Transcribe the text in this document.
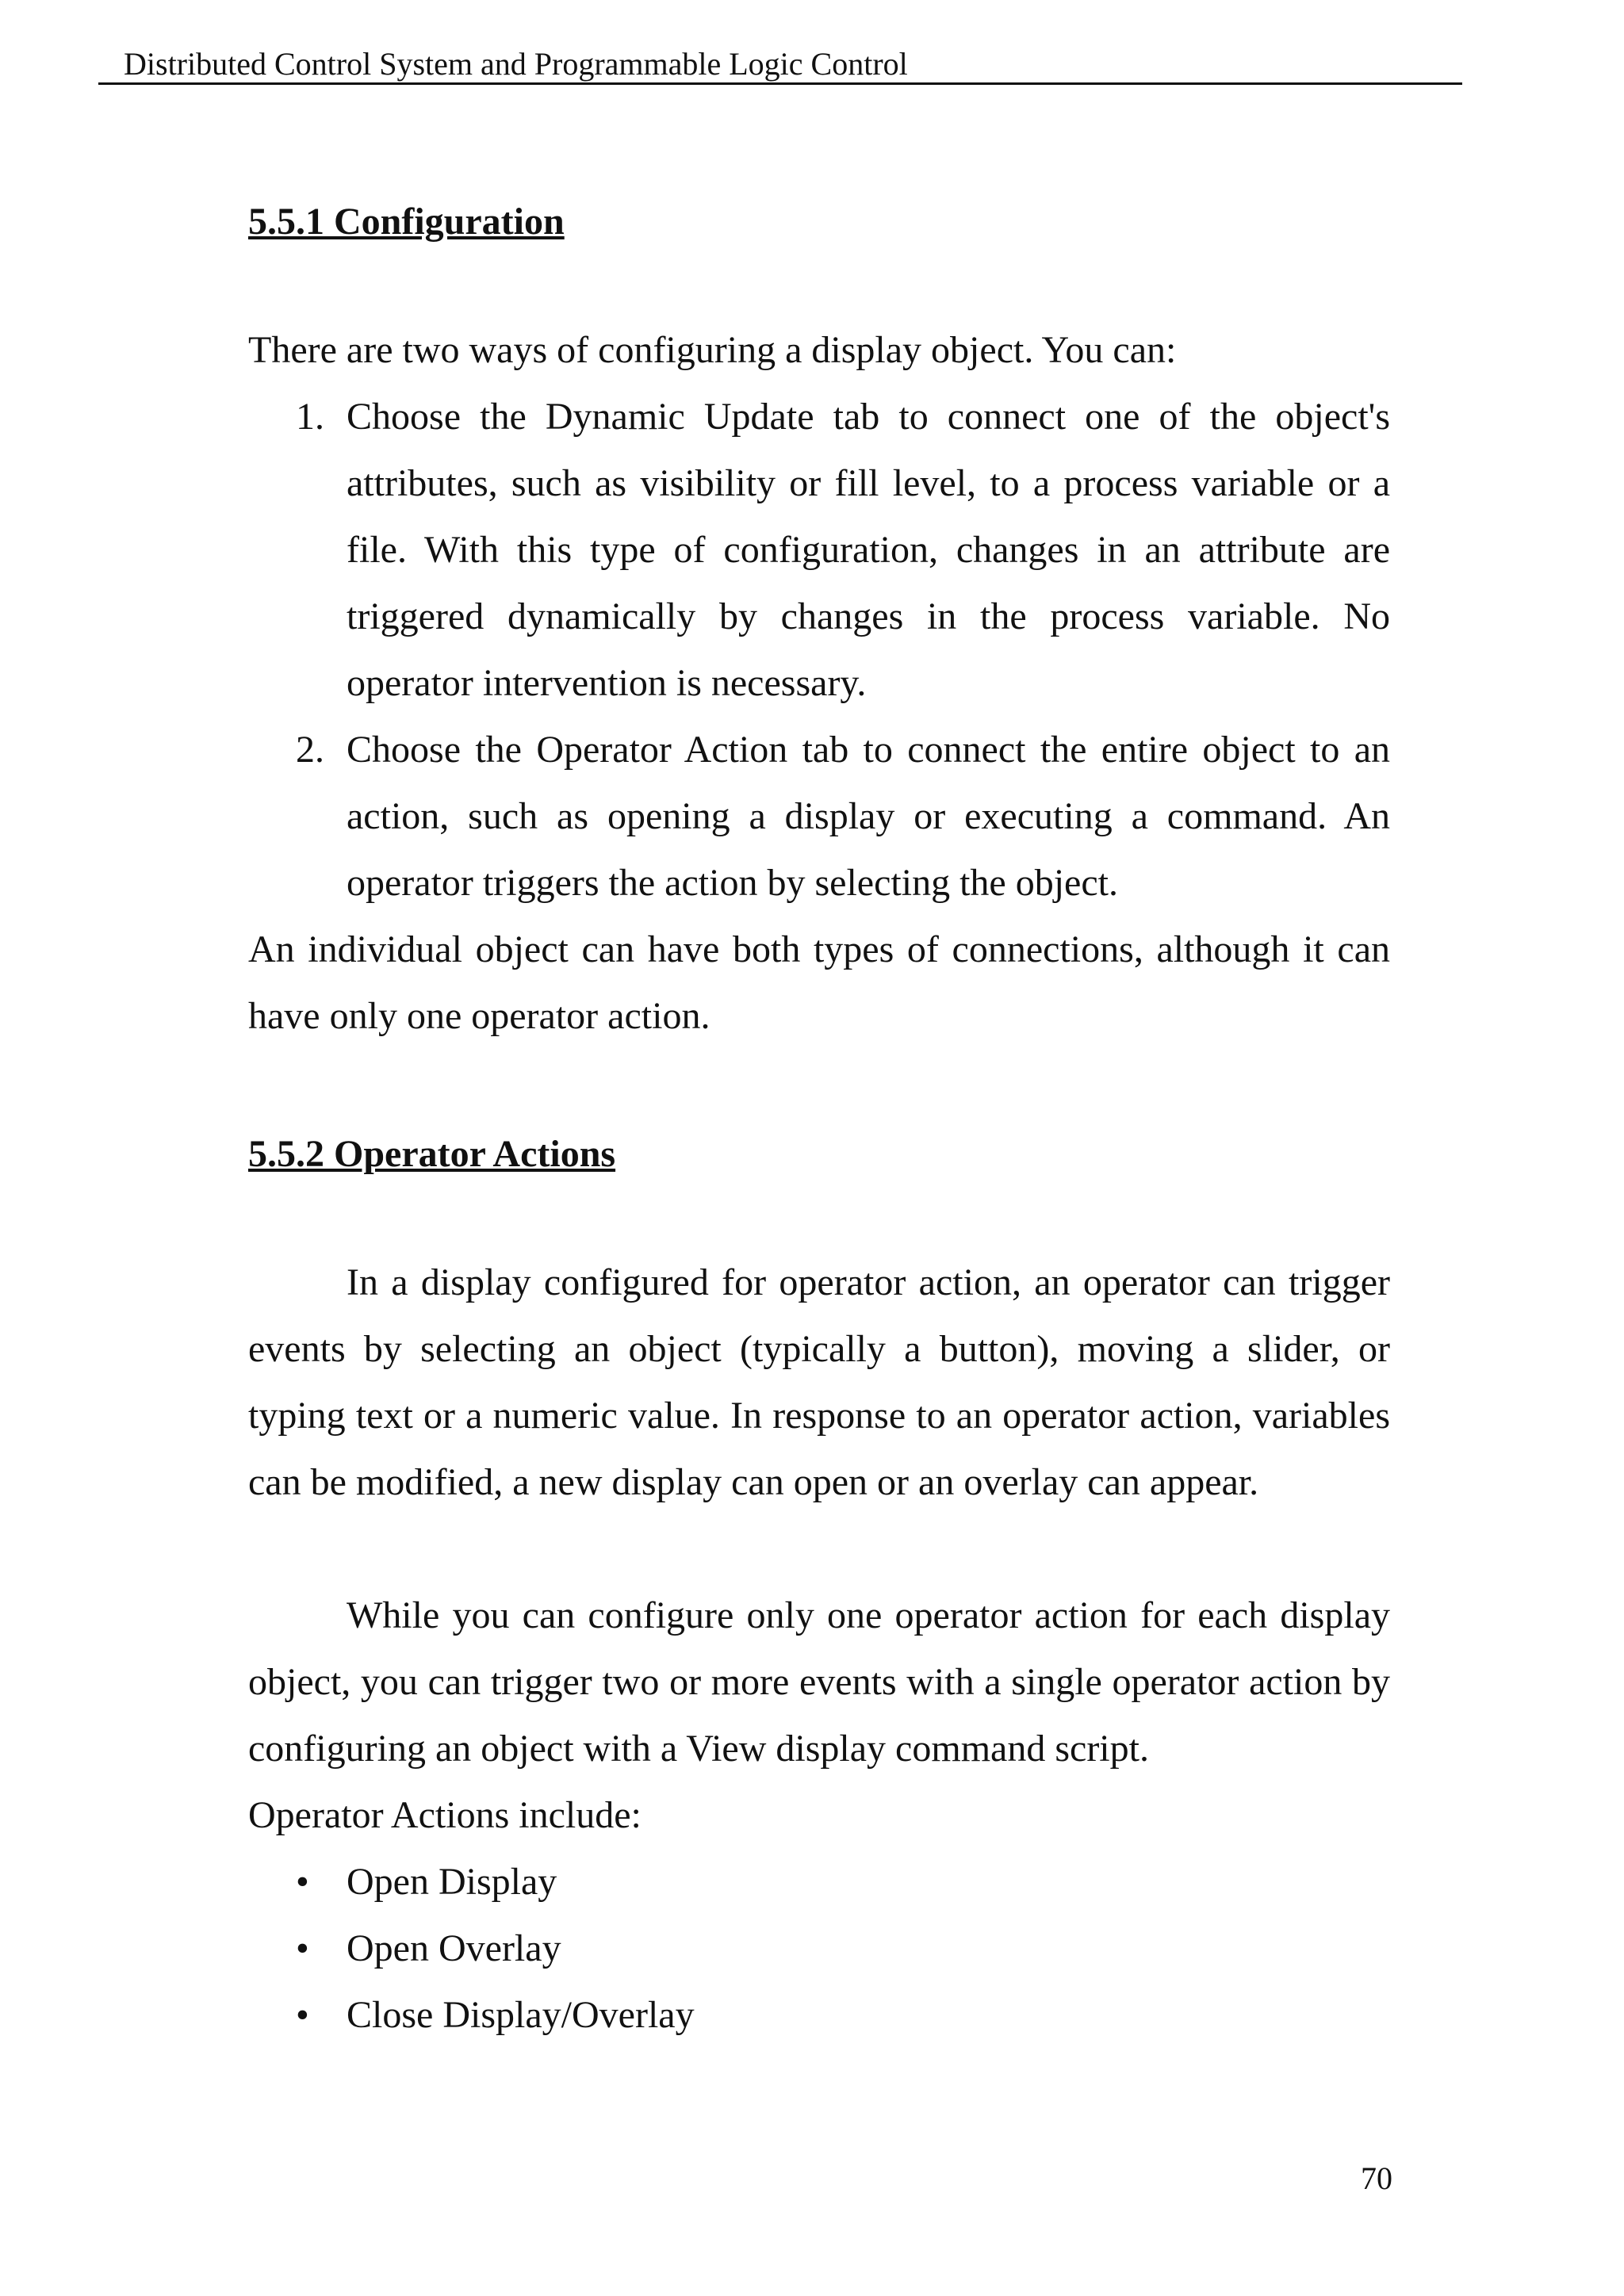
Distributed Control System and Programmable Logic Control
5.5.1 Configuration

There are two ways of configuring a display object. You can:

1. Choose the Dynamic Update tab to connect one of the object's attributes, such as visibility or fill level, to a process variable or a file. With this type of configuration, changes in an attribute are triggered dynamically by changes in the process variable. No operator intervention is necessary.
2. Choose the Operator Action tab to connect the entire object to an action, such as opening a display or executing a command. An operator triggers the action by selecting the object.

An individual object can have both types of connections, although it can have only one operator action.

5.5.2 Operator Actions

In a display configured for operator action, an operator can trigger events by selecting an object (typically a button), moving a slider, or typing text or a numeric value. In response to an operator action, variables can be modified, a new display can open or an overlay can appear.

While you can configure only one operator action for each display object, you can trigger two or more events with a single operator action by configuring an object with a View display command script.

Operator Actions include:

• Open Display
• Open Overlay
• Close Display/Overlay
70
